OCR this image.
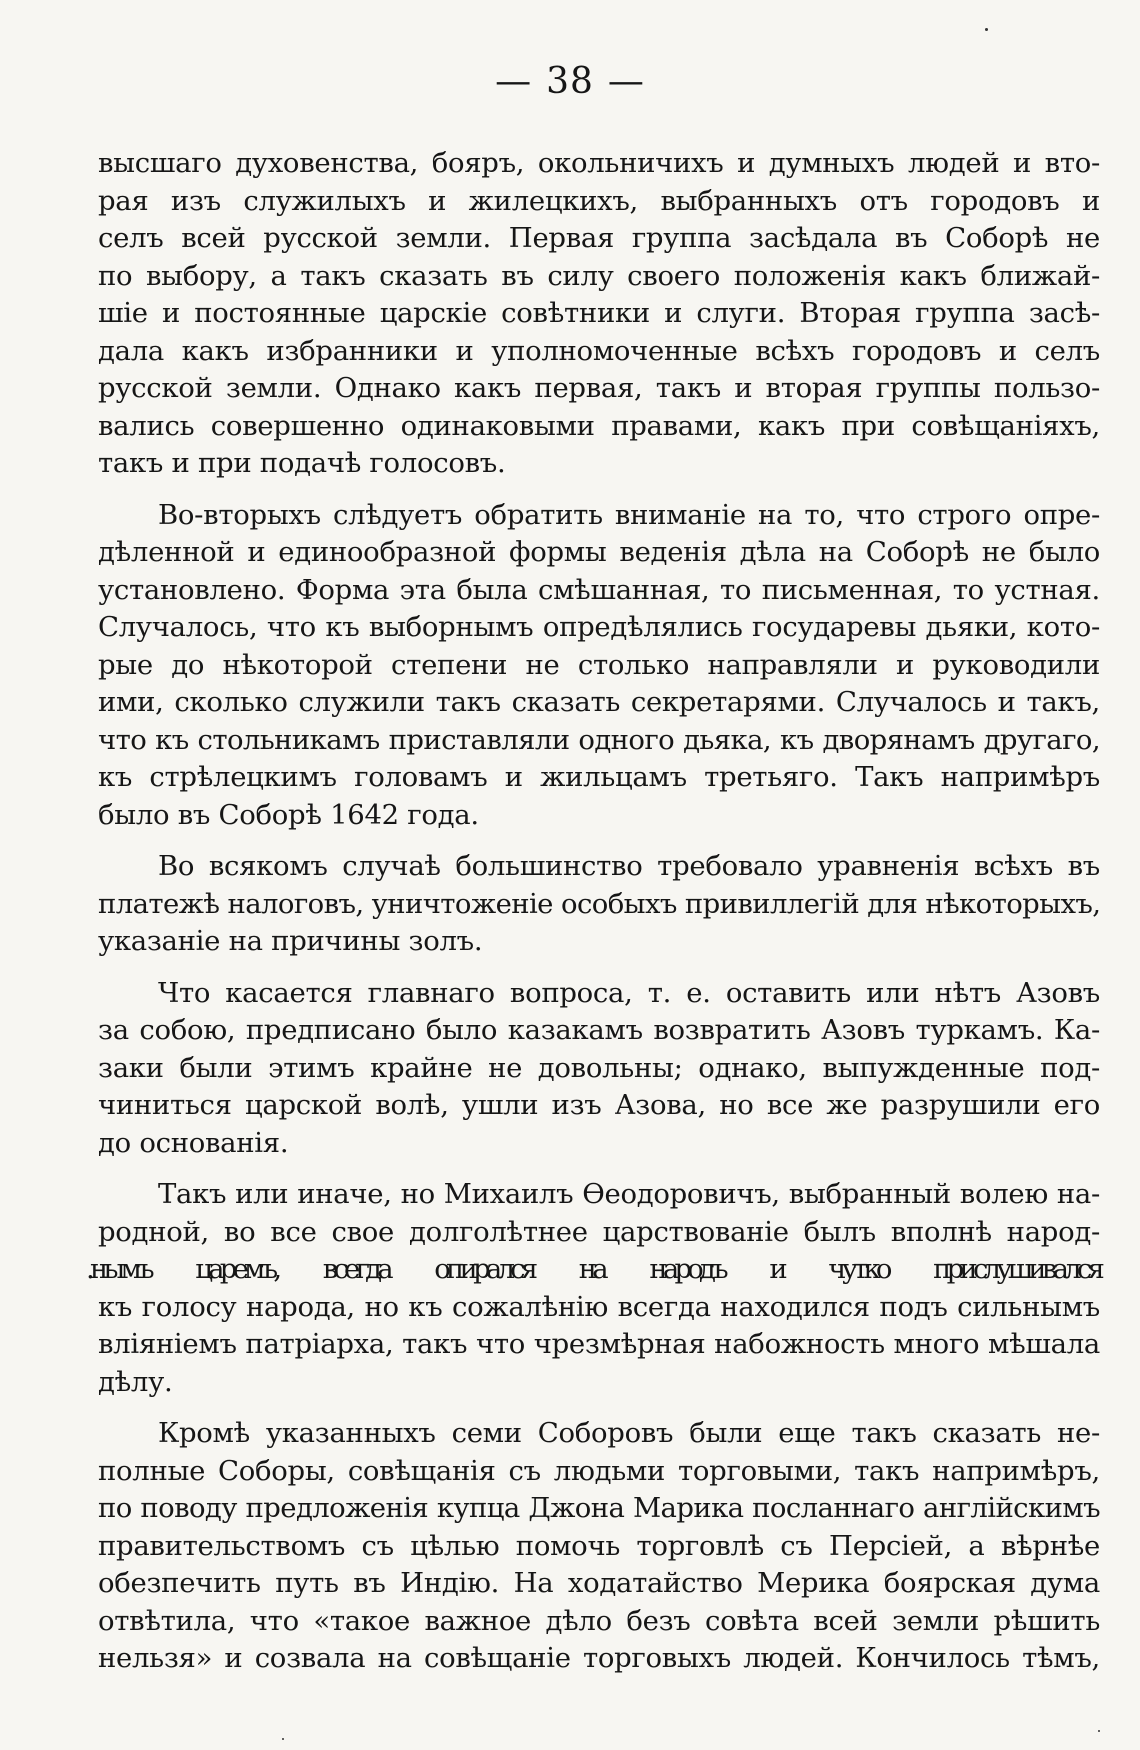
— 38 —
высшаго духовенства, бояръ, окольничихъ и думныхъ людей и вто-
рая изъ служилыхъ и жилецкихъ, выбранныхъ отъ городовъ и
селъ всей русской земли. Первая группа засѣдала въ Соборѣ не
по выбору, а такъ сказать въ силу своего положенія какъ ближай-
шіе и постоянные царскіе совѣтники и слуги. Вторая группа засѣ-
дала какъ избранники и уполномоченные всѣхъ городовъ и селъ
русской земли. Однако какъ первая, такъ и вторая группы пользо-
вались совершенно одинаковыми правами, какъ при совѣщаніяхъ,
такъ и при подачѣ голосовъ.
Во-вторыхъ слѣдуетъ обратить вниманіе на то, что строго опре-
дѣленной и единообразной формы веденія дѣла на Соборѣ не было
установлено. Форма эта была смѣшанная, то письменная, то устная.
Случалось, что къ выборнымъ опредѣлялись государевы дьяки, кото-
рые до нѣкоторой степени не столько направляли и руководили
ими, сколько служили такъ сказать секретарями. Случалось и такъ,
что къ стольникамъ приставляли одного дьяка, къ дворянамъ другаго,
къ стрѣлецкимъ головамъ и жильцамъ третьяго. Такъ напримѣръ
было въ Соборѣ 1642 года.
Во всякомъ случаѣ большинство требовало уравненія всѣхъ въ
платежѣ налоговъ, уничтоженіе особыхъ привиллегій для нѣкоторыхъ,
указаніе на причины золъ.
Что касается главнаго вопроса, т. е. оставить или нѣтъ Азовъ
за собою, предписано было казакамъ возвратить Азовъ туркамъ. Ка-
заки были этимъ крайне не довольны; однако, выпужденные под-
чиниться царской волѣ, ушли изъ Азова, но все же разрушили его
до основанія.
Такъ или иначе, но Михаилъ Ѳеодоровичъ, выбранный волею на-
родной, во все свое долголѣтнее царствованіе былъ вполнѣ народ-
.нымъ царемъ, всегда опирался на народъ и чутко прислушивался
къ голосу народа, но къ сожалѣнію всегда находился подъ сильнымъ
вліяніемъ патріарха, такъ что чрезмѣрная набожность много мѣшала
дѣлу.
Кромѣ указанныхъ семи Соборовъ были еще такъ сказать не-
полные Соборы, совѣщанія съ людьми торговыми, такъ напримѣръ,
по поводу предложенія купца Джона Марика посланнаго англійскимъ
правительствомъ съ цѣлью помочь торговлѣ съ Персіей, а вѣрнѣе
обезпечить путь въ Индію. На ходатайство Мерика боярская дума
отвѣтила, что «такое важное дѣло безъ совѣта всей земли рѣшить
нельзя» и созвала на совѣщаніе торговыхъ людей. Кончилось тѣмъ,
